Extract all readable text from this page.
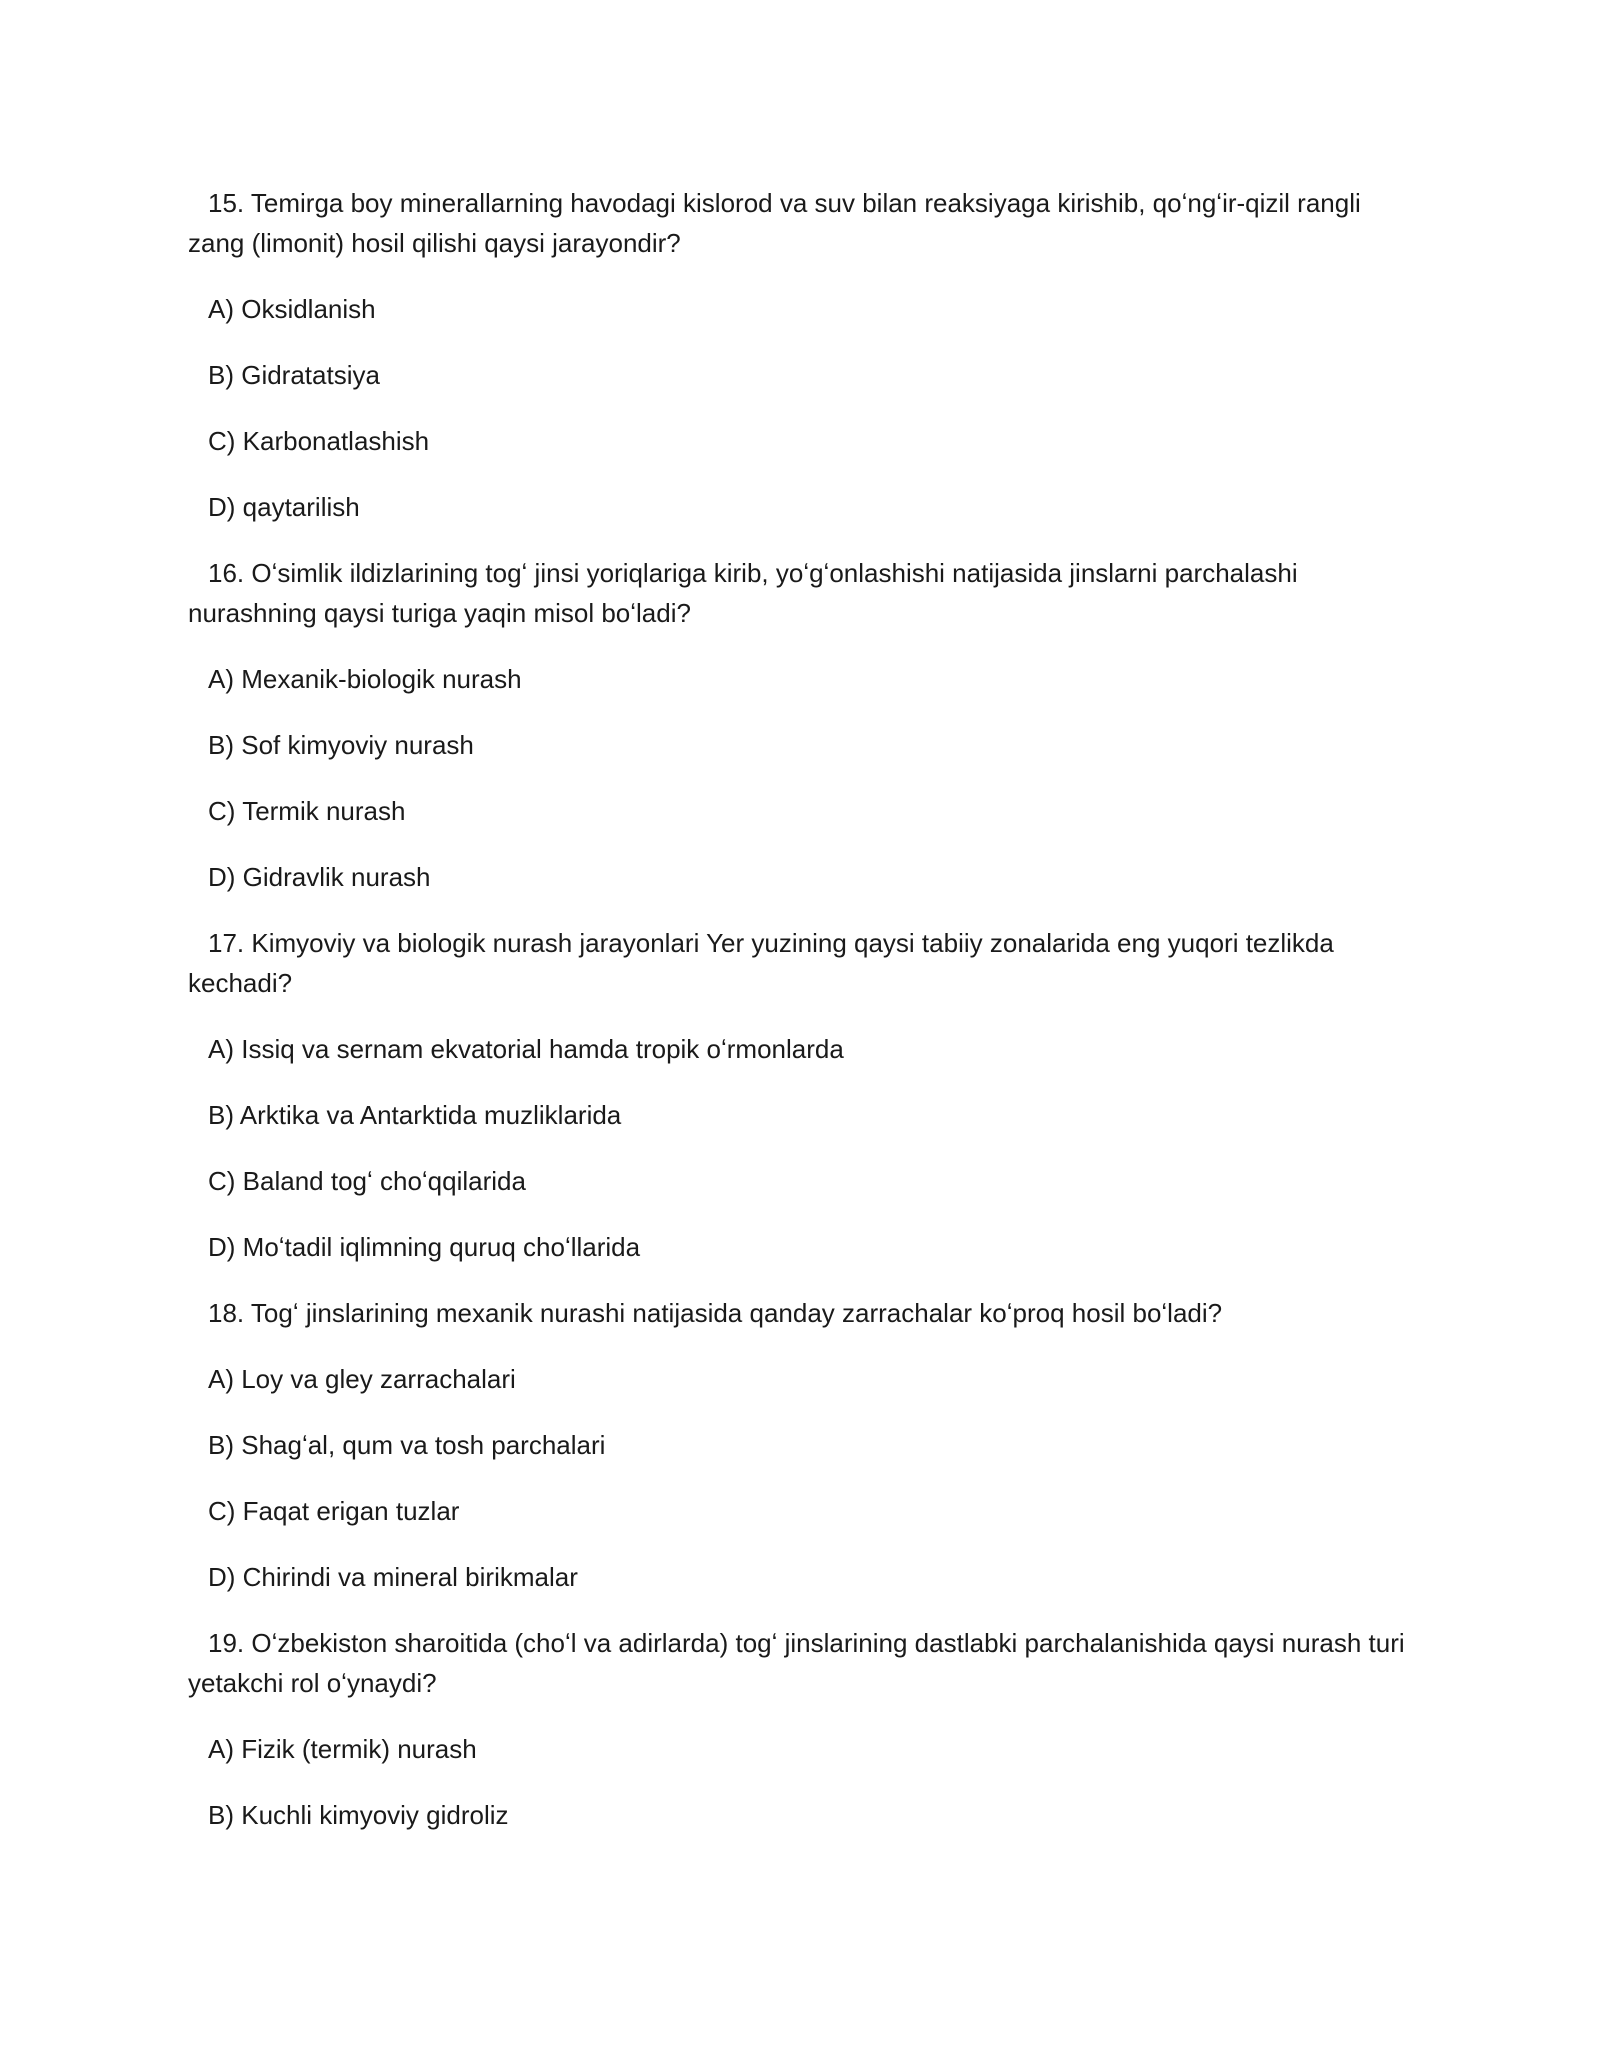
15. Temirga boy minerallarning havodagi kislorod va suv bilan reaksiyaga kirishib, qoʻngʻir-qizil rangli zang (limonit) hosil qilishi qaysi jarayondir?
A) Oksidlanish
B) Gidratatsiya
C) Karbonatlashish
D) qaytarilish
16. Oʻsimlik ildizlarining togʻ jinsi yoriqlariga kirib, yoʻgʻonlashishi natijasida jinslarni parchalashi nurashning qaysi turiga yaqin misol boʻladi?
A) Mexanik-biologik nurash
B) Sof kimyoviy nurash
C) Termik nurash
D) Gidravlik nurash
17. Kimyoviy va biologik nurash jarayonlari Yer yuzining qaysi tabiiy zonalarida eng yuqori tezlikda kechadi?
A) Issiq va sernam ekvatorial hamda tropik oʻrmonlarda
B) Arktika va Antarktida muzliklarida
C) Baland togʻ choʻqqilarida
D) Moʻtadil iqlimning quruq choʻllarida
18. Togʻ jinslarining mexanik nurashi natijasida qanday zarrachalar koʻproq hosil boʻladi?
A) Loy va gley zarrachalari
B) Shagʻal, qum va tosh parchalari
C) Faqat erigan tuzlar
D) Chirindi va mineral birikmalar
19. Oʻzbekiston sharoitida (choʻl va adirlarda) togʻ jinslarining dastlabki parchalanishida qaysi nurash turi yetakchi rol oʻynaydi?
A) Fizik (termik) nurash
B) Kuchli kimyoviy gidroliz
